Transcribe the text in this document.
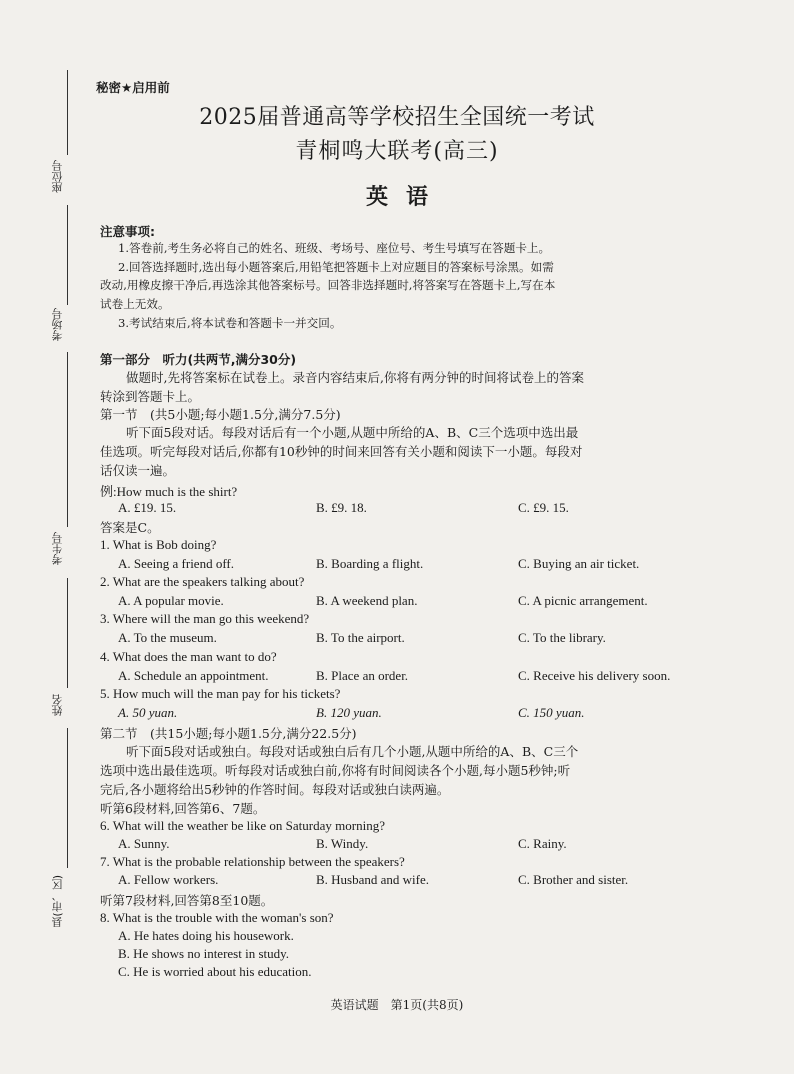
秘密★启用前
2025届普通高等学校招生全国统一考试
青桐鸣大联考(高三)
英语
座位号
考场号
考生号
姓名
县(市、区)
注意事项:
1.答卷前,考生务必将自己的姓名、班级、考场号、座位号、考生号填写在答题卡上。
2.回答选择题时,选出每小题答案后,用铅笔把答题卡上对应题目的答案标号涂黑。如需
改动,用橡皮擦干净后,再选涂其他答案标号。回答非选择题时,将答案写在答题卡上,写在本
试卷上无效。
3.考试结束后,将本试卷和答题卡一并交回。
第一部分　听力(共两节,满分30分)
做题时,先将答案标在试卷上。录音内容结束后,你将有两分钟的时间将试卷上的答案
转涂到答题卡上。
第一节　(共5小题;每小题1.5分,满分7.5分)
听下面5段对话。每段对话后有一个小题,从题中所给的A、B、C三个选项中选出最
佳选项。听完每段对话后,你都有10秒钟的时间来回答有关小题和阅读下一小题。每段对
话仅读一遍。
例:How much is the shirt?
A. £19. 15.	B. £9. 18.	C. £9. 15.
答案是C。
1. What is Bob doing?
A. Seeing a friend off.	B. Boarding a flight.	C. Buying an air ticket.
2. What are the speakers talking about?
A. A popular movie.	B. A weekend plan.	C. A picnic arrangement.
3. Where will the man go this weekend?
A. To the museum.	B. To the airport.	C. To the library.
4. What does the man want to do?
A. Schedule an appointment.	B. Place an order.	C. Receive his delivery soon.
5. How much will the man pay for his tickets?
A. 50 yuan.	B. 120 yuan.	C. 150 yuan.
第二节　(共15小题;每小题1.5分,满分22.5分)
听下面5段对话或独白。每段对话或独白后有几个小题,从题中所给的A、B、C三个
选项中选出最佳选项。听每段对话或独白前,你将有时间阅读各个小题,每小题5秒钟;听
完后,各小题将给出5秒钟的作答时间。每段对话或独白读两遍。
听第6段材料,回答第6、7题。
6. What will the weather be like on Saturday morning?
A. Sunny.	B. Windy.	C. Rainy.
7. What is the probable relationship between the speakers?
A. Fellow workers.	B. Husband and wife.	C. Brother and sister.
听第7段材料,回答第8至10题。
8. What is the trouble with the woman's son?
A. He hates doing his housework.
B. He shows no interest in study.
C. He is worried about his education.
英语试题　第1页(共8页)
